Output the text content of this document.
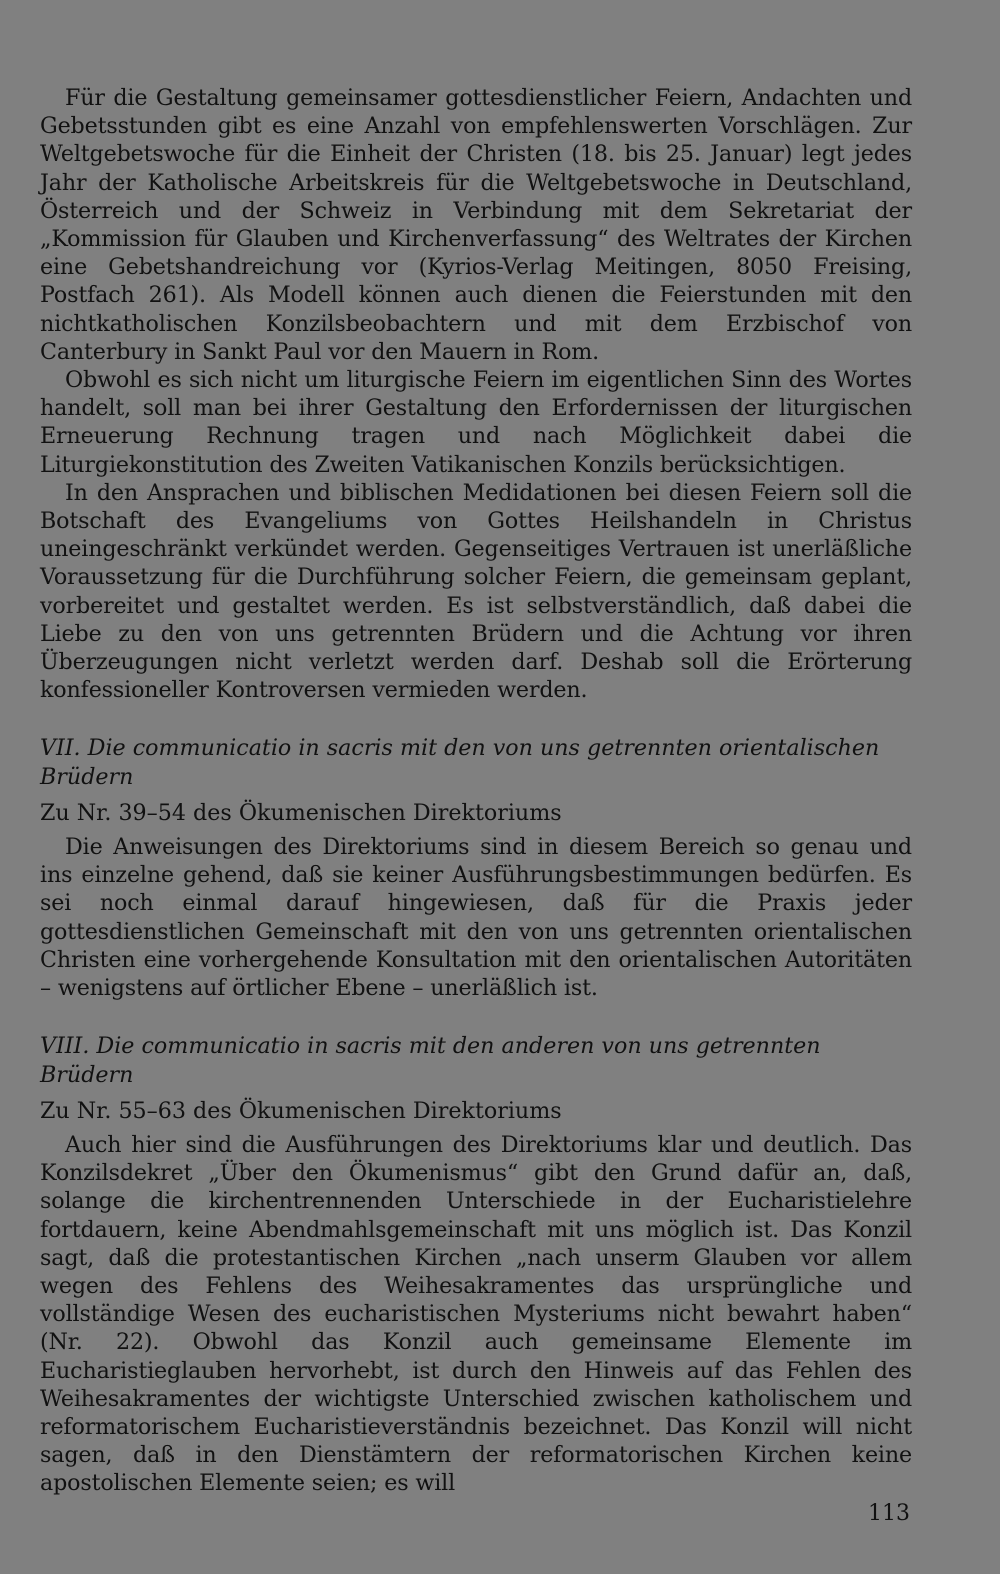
Für die Gestaltung gemeinsamer gottesdienstlicher Feiern, Andachten und Gebetsstunden gibt es eine Anzahl von empfehlenswerten Vorschlägen. Zur Weltgebetswoche für die Einheit der Christen (18. bis 25. Januar) legt jedes Jahr der Katholische Arbeitskreis für die Weltgebetswoche in Deutschland, Österreich und der Schweiz in Verbindung mit dem Sekretariat der „Kommission für Glauben und Kirchenverfassung“ des Weltrates der Kirchen eine Gebetshandreichung vor (Kyrios-Verlag Meitingen, 8050 Freising, Postfach 261). Als Modell können auch dienen die Feierstunden mit den nichtkatholischen Konzilsbeobachtern und mit dem Erzbischof von Canterbury in Sankt Paul vor den Mauern in Rom.

Obwohl es sich nicht um liturgische Feiern im eigentlichen Sinn des Wortes handelt, soll man bei ihrer Gestaltung den Erfordernissen der liturgischen Erneuerung Rechnung tragen und nach Möglichkeit dabei die Liturgiekonstitution des Zweiten Vatikanischen Konzils berücksichtigen.

In den Ansprachen und biblischen Medidationen bei diesen Feiern soll die Botschaft des Evangeliums von Gottes Heilshandeln in Christus uneingeschränkt verkündet werden. Gegenseitiges Vertrauen ist unerläßliche Voraussetzung für die Durchführung solcher Feiern, die gemeinsam geplant, vorbereitet und gestaltet werden. Es ist selbstverständlich, daß dabei die Liebe zu den von uns getrennten Brüdern und die Achtung vor ihren Überzeugungen nicht verletzt werden darf. Deshab soll die Erörterung konfessioneller Kontroversen vermieden werden.

VII. Die communicatio in sacris mit den von uns getrennten orientalischen Brüdern

Zu Nr. 39–54 des Ökumenischen Direktoriums

Die Anweisungen des Direktoriums sind in diesem Bereich so genau und ins einzelne gehend, daß sie keiner Ausführungsbestimmungen bedürfen. Es sei noch einmal darauf hingewiesen, daß für die Praxis jeder gottesdienstlichen Gemeinschaft mit den von uns getrennten orientalischen Christen eine vorhergehende Konsultation mit den orientalischen Autoritäten – wenigstens auf örtlicher Ebene – unerläßlich ist.

VIII. Die communicatio in sacris mit den anderen von uns getrennten Brüdern

Zu Nr. 55–63 des Ökumenischen Direktoriums

Auch hier sind die Ausführungen des Direktoriums klar und deutlich. Das Konzilsdekret „Über den Ökumenismus“ gibt den Grund dafür an, daß, solange die kirchentrennenden Unterschiede in der Eucharistielehre fortdauern, keine Abendmahlsgemeinschaft mit uns möglich ist. Das Konzil sagt, daß die protestantischen Kirchen „nach unserm Glauben vor allem wegen des Fehlens des Weihesakramentes das ursprüngliche und vollständige Wesen des eucharistischen Mysteriums nicht bewahrt haben“ (Nr. 22). Obwohl das Konzil auch gemeinsame Elemente im Eucharistieglauben hervorhebt, ist durch den Hinweis auf das Fehlen des Weihesakramentes der wichtigste Unterschied zwischen katholischem und reformatorischem Eucharistieverständnis bezeichnet. Das Konzil will nicht sagen, daß in den Dienstämtern der reformatorischen Kirchen keine apostolischen Elemente seien; es will

113
